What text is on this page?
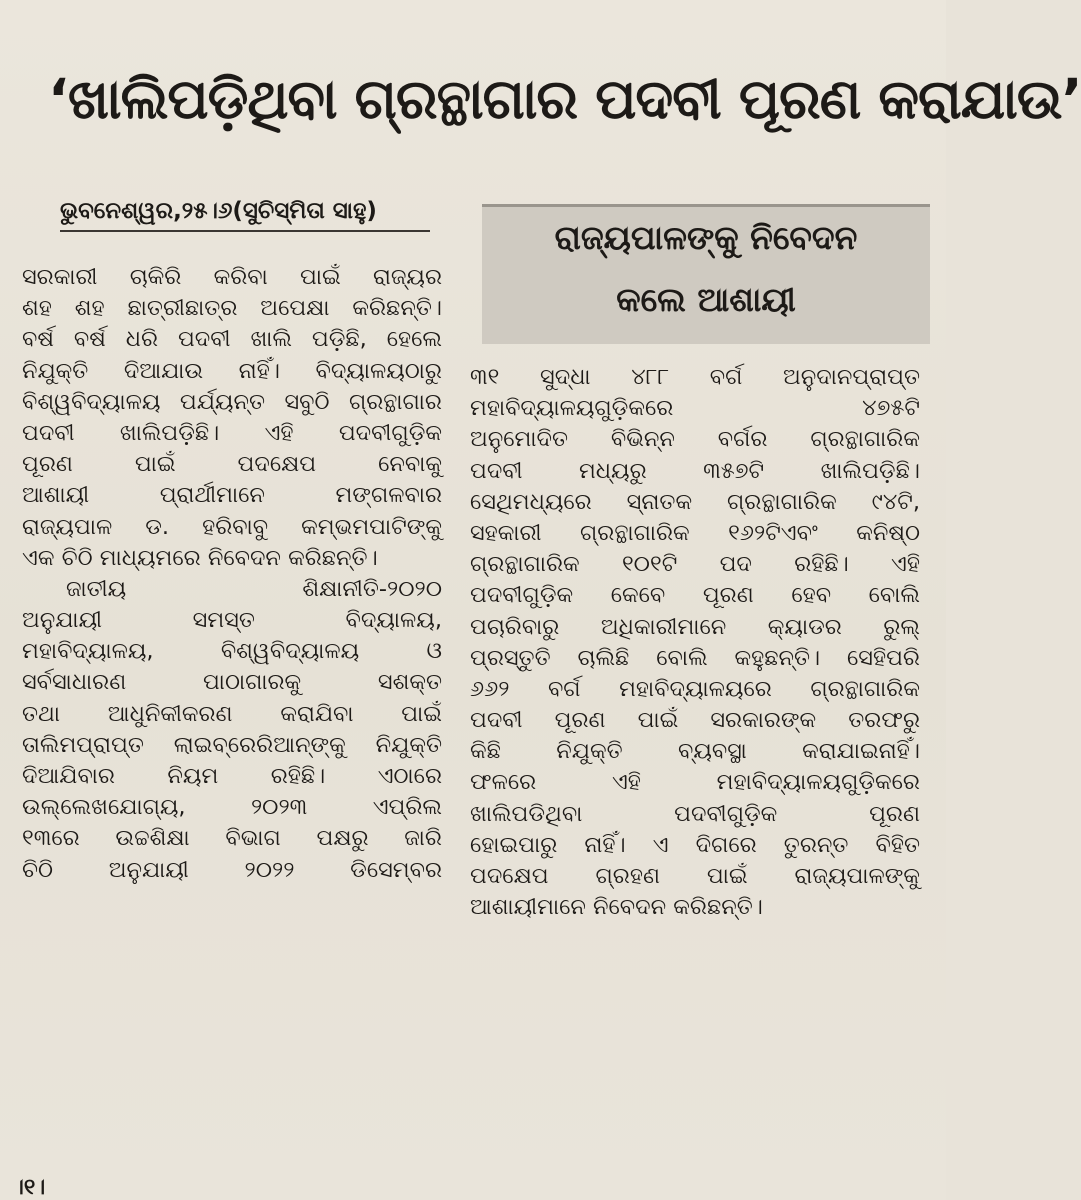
‘ଖାଲିପଡ଼ିଥିବା ଗ୍ରନ୍ଥାଗାର ପଦବୀ ପୂରଣ କରାଯାଉ’
ଭୁବନେଶ୍ୱର,୨୫।୬(ସୁଚିସ୍ମିତା ସାହୁ)
ରାଜ୍ୟପାଳଙ୍କୁ ନିବେଦନ
କଲେ ଆଶାୟୀ
ସରକାରୀ ଚାକିରି କରିବା ପାଇଁ ରାଜ୍ୟର
ଶହ ଶହ ଛାତ୍ରୀଛାତ୍ର ଅପେକ୍ଷା କରିଛନ୍ତି।
ବର୍ଷ ବର୍ଷ ଧରି ପଦବୀ ଖାଲି ପଡ଼ିଛି, ହେଲେ
ନିଯୁକ୍ତି ଦିଆଯାଉ ନାହିଁ। ବିଦ୍ୟାଳୟଠାରୁ
ବିଶ୍ୱବିଦ୍ୟାଳୟ ପର୍ଯ୍ୟନ୍ତ ସବୁଠି ଗ୍ରନ୍ଥାଗାର
ପଦବୀ ଖାଲିପଡ଼ିଛି। ଏହି ପଦବୀଗୁଡ଼ିକ
ପୂରଣ ପାଇଁ ପଦକ୍ଷେପ ନେବାକୁ
ଆଶାୟୀ ପ୍ରାର୍ଥୀମାନେ ମଙ୍ଗଳବାର
ରାଜ୍ୟପାଳ ଡ. ହରିବାବୁ କମ୍ଭମପାଟିଙ୍କୁ
ଏକ ଚିଠି ମାଧ୍ୟମରେ ନିବେଦନ କରିଛନ୍ତି।
ଜାତୀୟ ଶିକ୍ଷାନୀତି-୨୦୨୦
ଅନୁଯାୟୀ ସମସ୍ତ ବିଦ୍ୟାଳୟ,
ମହାବିଦ୍ୟାଳୟ, ବିଶ୍ୱବିଦ୍ୟାଳୟ ଓ
ସର୍ବସାଧାରଣ ପାଠାଗାରକୁ ସଶକ୍ତ
ତଥା ଆଧୁନିକୀକରଣ କରାଯିବା ପାଇଁ
ତାଲିମପ୍ରାପ୍ତ ଲାଇବ୍ରେରିଆନ୍‌ଙ୍କୁ ନିଯୁକ୍ତି
ଦିଆଯିବାର ନିୟମ ରହିଛି। ଏଠାରେ
ଉଲ୍ଲେଖଯୋଗ୍ୟ, ୨୦୨୩ ଏପ୍ରିଲ
୧୩ରେ ଉଚ୍ଚଶିକ୍ଷା ବିଭାଗ ପକ୍ଷରୁ ଜାରି
ଚିଠି ଅନୁଯାୟୀ ୨୦୨୨ ଡିସେମ୍ବର
୩୧ ସୁଦ୍ଧା ୪୮୮ ବର୍ଗ ଅନୁଦାନପ୍ରାପ୍ତ
ମହାବିଦ୍ୟାଳୟଗୁଡ଼ିକରେ ୪୭୫ଟି
ଅନୁମୋଦିତ ବିଭିନ୍ନ ବର୍ଗର ଗ୍ରନ୍ଥାଗାରିକ
ପଦବୀ ମଧ୍ୟରୁ ୩୫୭ଟି ଖାଲିପଡ଼ିଛି।
ସେଥିମଧ୍ୟରେ ସ୍ନାତକ ଗ୍ରନ୍ଥାଗାରିକ ୯୪ଟି,
ସହକାରୀ ଗ୍ରନ୍ଥାଗାରିକ ୧୬୨ଟିଏବଂ କନିଷ୍ଠ
ଗ୍ରନ୍ଥାଗାରିକ ୧୦୧ଟି ପଦ ରହିଛି। ଏହି
ପଦବୀଗୁଡ଼ିକ କେବେ ପୂରଣ ହେବ ବୋଲି
ପଚାରିବାରୁ ଅଧିକାରୀମାନେ କ୍ୟାଡର ରୁଲ୍
ପ୍ରସ୍ତୁତି ଚାଲିଛି ବୋଲି କହୁଛନ୍ତି। ସେହିପରି
୬୬୨ ବର୍ଗ ମହାବିଦ୍ୟାଳୟରେ ଗ୍ରନ୍ଥାଗାରିକ
ପଦବୀ ପୂରଣ ପାଇଁ ସରକାରଙ୍କ ତରଫରୁ
କିଛି ନିଯୁକ୍ତି ବ୍ୟବସ୍ଥା କରାଯାଇନାହିଁ।
ଫଳରେ ଏହି ମହାବିଦ୍ୟାଳୟଗୁଡ଼ିକରେ
ଖାଲିପଡିଥିବା ପଦବୀଗୁଡ଼ିକ ପୂରଣ
ହୋଇପାରୁ ନାହିଁ। ଏ ଦିଗରେ ତୁରନ୍ତ ବିହିତ
ପଦକ୍ଷେପ ଗ୍ରହଣ ପାଇଁ ରାଜ୍ୟପାଳଙ୍କୁ
ଆଶାୟୀମାନେ ନିବେଦନ କରିଛନ୍ତି।
।୧।
